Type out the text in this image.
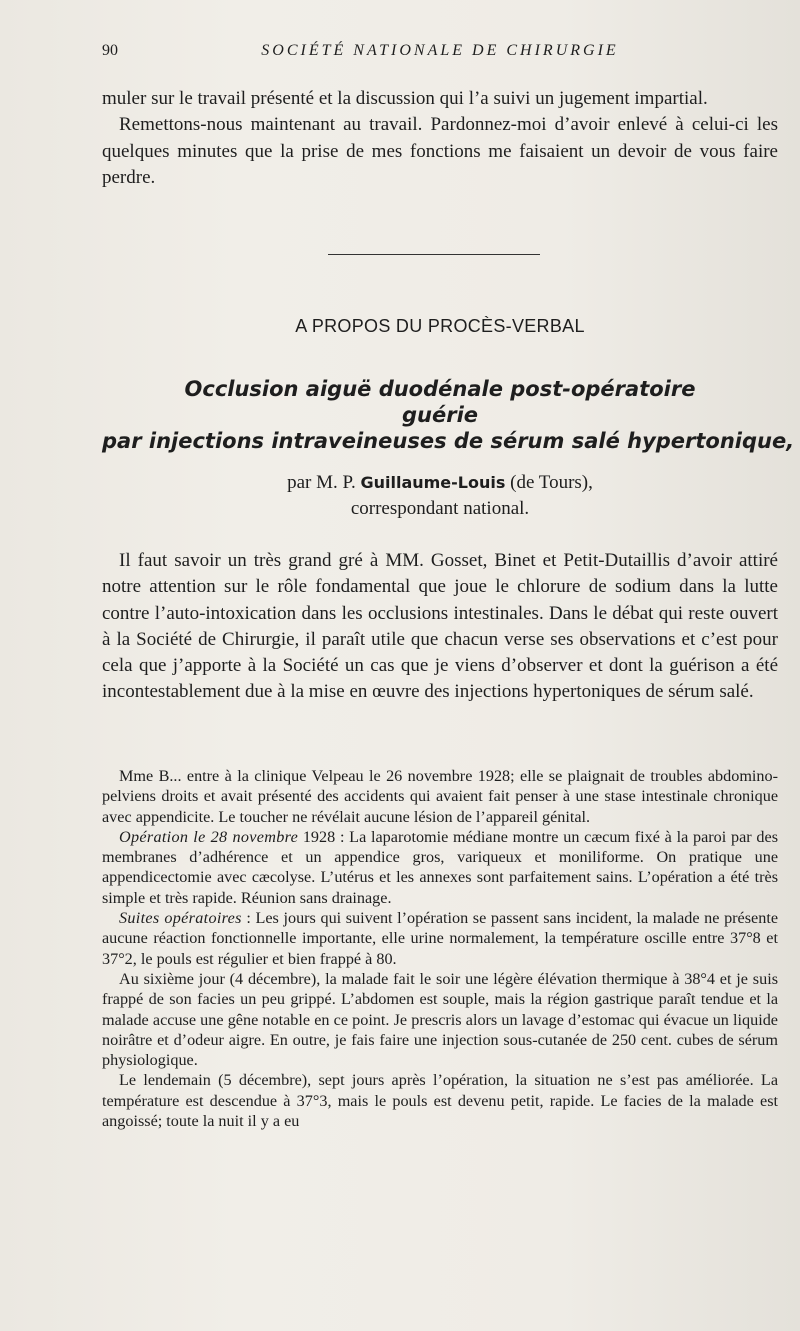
90	SOCIÉTÉ NATIONALE DE CHIRURGIE

muler sur le travail présenté et la discussion qui l’a suivi un jugement impartial.

Remettons-nous maintenant au travail. Pardonnez-moi d’avoir enlevé à celui-ci les quelques minutes que la prise de mes fonctions me faisaient un devoir de vous faire perdre.

A PROPOS DU PROCÈS-VERBAL
Occlusion aiguë duodénale post-opératoire
guérie
par injections intraveineuses de sérum salé hypertonique,
par M. P. Guillaume-Louis (de Tours),
correspondant national.

Il faut savoir un très grand gré à MM. Gosset, Binet et Petit-Dutaillis d’avoir attiré notre attention sur le rôle fondamental que joue le chlorure de sodium dans la lutte contre l’auto-intoxication dans les occlusions intestinales. Dans le débat qui reste ouvert à la Société de Chirurgie, il paraît utile que chacun verse ses observations et c’est pour cela que j’apporte à la Société un cas que je viens d’observer et dont la guérison a été incontestablement due à la mise en œuvre des injections hypertoniques de sérum salé.

Mme B... entre à la clinique Velpeau le 26 novembre 1928; elle se plaignait de troubles abdomino-pelviens droits et avait présenté des accidents qui avaient fait penser à une stase intestinale chronique avec appendicite. Le toucher ne révélait aucune lésion de l’appareil génital.

Opération le 28 novembre 1928 : La laparotomie médiane montre un cæcum fixé à la paroi par des membranes d’adhérence et un appendice gros, variqueux et moniliforme. On pratique une appendicectomie avec cæcolyse. L’utérus et les annexes sont parfaitement sains. L’opération a été très simple et très rapide. Réunion sans drainage.

Suites opératoires : Les jours qui suivent l’opération se passent sans incident, la malade ne présente aucune réaction fonctionnelle importante, elle urine normalement, la température oscille entre 37°8 et 37°2, le pouls est régulier et bien frappé à 80.

Au sixième jour (4 décembre), la malade fait le soir une légère élévation thermique à 38°4 et je suis frappé de son facies un peu grippé. L’abdomen est souple, mais la région gastrique paraît tendue et la malade accuse une gêne notable en ce point. Je prescris alors un lavage d’estomac qui évacue un liquide noirâtre et d’odeur aigre. En outre, je fais faire une injection sous-cutanée de 250 cent. cubes de sérum physiologique.

Le lendemain (5 décembre), sept jours après l’opération, la situation ne s’est pas améliorée. La température est descendue à 37°3, mais le pouls est devenu petit, rapide. Le facies de la malade est angoissé; toute la nuit il y a eu
